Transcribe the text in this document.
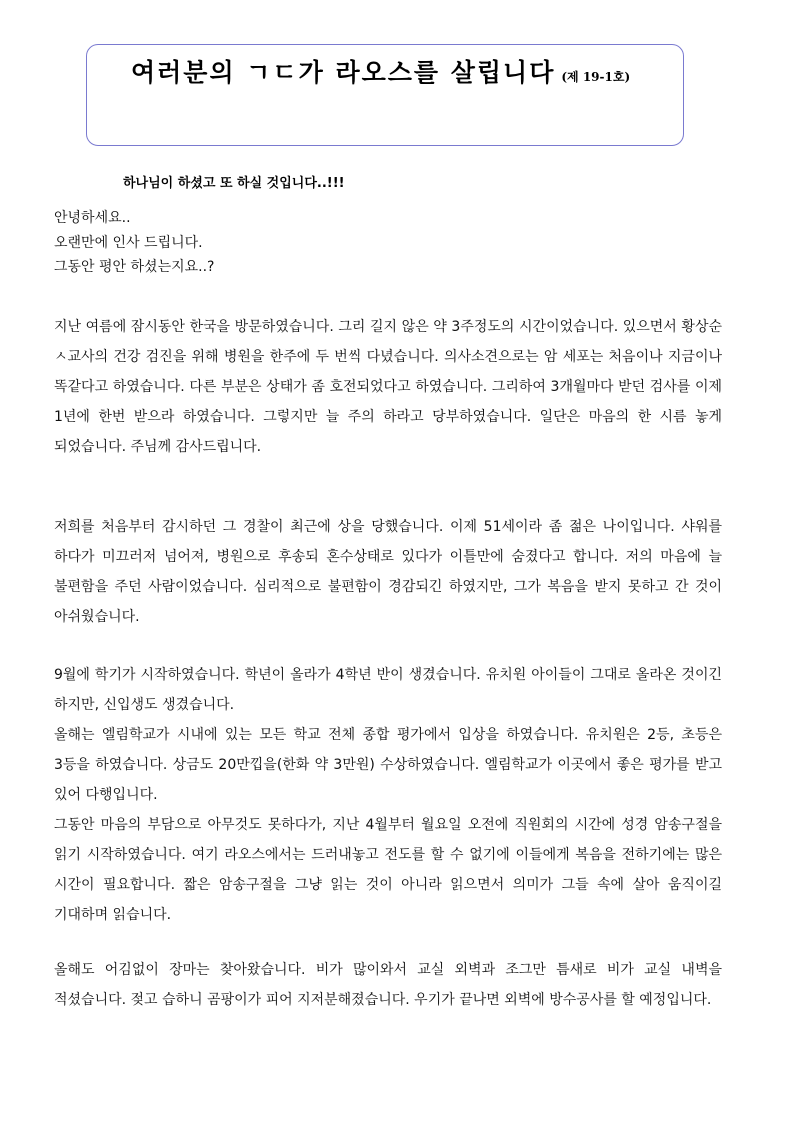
여러분의 ㄱㄷ가 라오스를 살립니다 (제 19-1호)
하나님이 하셨고 또 하실 것입니다..!!!
안녕하세요..
오랜만에 인사 드립니다.
그동안 평안 하셨는지요..?

지난 여름에 잠시동안 한국을 방문하였습니다. 그리 길지 않은 약 3주정도의 시간이었습니다. 있으면서 황상순 ㅅ교사의 건강 검진을 위해 병원을 한주에 두 번씩 다녔습니다. 의사소견으로는 암 세포는 처음이나 지금이나 똑같다고 하였습니다. 다른 부분은 상태가 좀 호전되었다고 하였습니다. 그리하여 3개월마다 받던 검사를 이제 1년에 한번 받으라 하였습니다. 그렇지만 늘 주의 하라고 당부하였습니다. 일단은 마음의 한 시름 놓게 되었습니다. 주님께 감사드립니다.

저희를 처음부터 감시하던 그 경찰이 최근에 상을 당했습니다. 이제 51세이라 좀 젊은 나이입니다. 샤워를 하다가 미끄러저 넘어져, 병원으로 후송되 혼수상태로 있다가 이틀만에 숨졌다고 합니다. 저의 마음에 늘 불편함을 주던 사람이었습니다. 심리적으로 불편함이 경감되긴 하였지만, 그가 복음을 받지 못하고 간 것이 아쉬웠습니다.

9월에 학기가 시작하였습니다. 학년이 올라가 4학년 반이 생겼습니다. 유치원 아이들이 그대로 올라온 것이긴 하지만, 신입생도 생겼습니다.
올해는 엘림학교가 시내에 있는 모든 학교 전체 종합 평가에서 입상을 하였습니다. 유치원은 2등, 초등은 3등을 하였습니다. 상금도 20만낍을(한화 약 3만원) 수상하였습니다. 엘림학교가 이곳에서 좋은 평가를 받고 있어 다행입니다.
그동안 마음의 부담으로 아무것도 못하다가, 지난 4월부터 월요일 오전에 직원회의 시간에 성경 암송구절을 읽기 시작하였습니다. 여기 라오스에서는 드러내놓고 전도를 할 수 없기에 이들에게 복음을 전하기에는 많은 시간이 필요합니다. 짧은 암송구절을 그냥 읽는 것이 아니라 읽으면서 의미가 그들 속에 살아 움직이길 기대하며 읽습니다.

올해도 어김없이 장마는 찾아왔습니다. 비가 많이와서 교실 외벽과 조그만 틈새로 비가 교실 내벽을 적셨습니다. 젖고 습하니 곰팡이가 피어 지저분해졌습니다. 우기가 끝나면 외벽에 방수공사를 할 예정입니다.
